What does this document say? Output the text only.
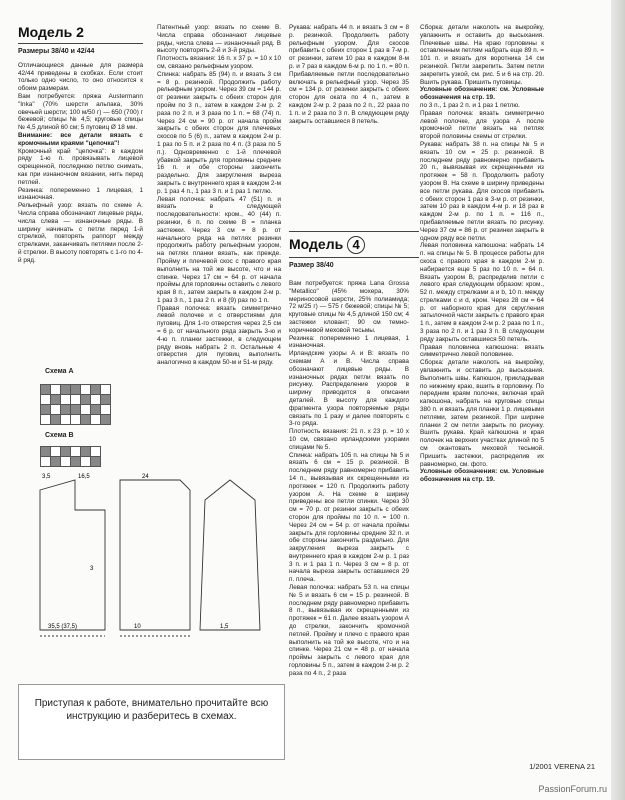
Модель 2
Размеры 38/40 и 42/44

Отличающиеся данные для размера 42/44 приведены в скобках. Если стоит только одно число, то оно относится к обоим размерам.

Вам потребуется: пряжа Austermann "Inka" (70% шерсти альпака, 30% овечьей шерсти; 100 м/50 г) — 650 (700) г бежевой; спицы № 4,5; круговые спицы № 4,5 длиной 60 см; 5 пуговиц Ø 18 мм.

Внимание: все детали вязать с кромочными краями "цепочка"!

Кромочный край "цепочка": в каждом ряду 1-ю п. провязывать лицевой скрещенной, последнюю петлю снимать, как при изнаночном вязании, нить перед петлей.

Резинка: попеременно 1 лицевая, 1 изнаночная.

Рельефный узор: вязать по схеме А. Числа справа обозначают лицевые ряды, числа слева — изнаночные ряды. В ширину начинать с петли перед 1-й стрелкой, повторять раппорт между стрелками, заканчивать петлями после 2-й стрелки. В высоту повторять с 1-го по 4-й ряд.

Схема А

Схема В

3,5	16,5	24
35,5 (37,5)	10	1,5
3

Патентный узор: вязать по схеме В. Числа справа обозначают лицевые ряды, числа слева — изнаночный ряд. В высоту повторять 2-й и 3-й ряды.

Плотность вязания: 16 п. x 37 р. = 10 x 10 см, связано рельефным узором.

Спинка: набрать 85 (94) п. и вязать 3 см = 8 р. резинкой. Продолжить работу рельефным узором. Через 39 см = 144 р. от резинки закрыть с обеих сторон для пройм по 3 п., затем в каждом 2-м р. 2 раза по 2 п. и 3 раза по 1 п. = 68 (74) п. Через 24 см = 90 р. от начала пройм закрыть с обеих сторон для плечевых скосов по 5 (6) п., затем в каждом 2-м р. 1 раз по 5 п. и 2 раза по 4 п. (3 раза по 5 п.). Одновременно с 1-й плечевой убавкой закрыть для горловины средние 16 п. и обе стороны закончить раздельно. Для закругления выреза закрыть с внутреннего края в каждом 2-м р. 1 раз 4 п., 1 раз 3 п. и 1 раз 1 петлю.

Левая полочка: набрать 47 (51) п. и вязать в следующей последовательности: кром., 40 (44) п. резинки, 6 п. по схеме В = планка застежки. Через 3 см = 8 р. от начального ряда на петлях резинки продолжить работу рельефным узором, на петлях планки вязать, как прежде. Пройму и плечевой скос с правого края выполнить на той же высоте, что и на спинке. Через 17 см = 64 р. от начала проймы для горловины оставить с левого края 8 п., затем закрыть в каждом 2-м р. 1 раз 3 п., 1 раз 2 п. и 8 (9) раз по 1 п.

Правая полочка: вязать симметрично левой полочке и с отверстиями для пуговиц. Для 1-го отверстия через 2,5 см = 6 р. от начального ряда закрыть 3-ю и 4-ю п. планки застежки, в следующем ряду вновь набрать 2 п. Остальные 4 отверстия для пуговиц выполнить аналогично в каждом 50-м и 51-м ряду.

Рукава: набрать 44 п. и вязать 3 см = 8 р. резинкой. Продолжить работу рельефным узором. Для скосов прибавить с обеих сторон 1 раз в 7-м р. от резинки, затем 10 раз в каждом 8-м р. и 7 раз в каждом 6-м р. по 1 п. = 80 п. Прибавляемые петли последовательно включать в рельефный узор. Через 35 см = 134 р. от резинки закрыть с обеих сторон для оката по 4 п., затем в каждом 2-м р. 2 раза по 2 п., 22 раза по 1 п. и 2 раза по 3 п. В следующем ряду закрыть оставшиеся 8 петель.

Модель 4
Размер 38/40

Вам потребуется: пряжа Lana Grossa "Metallico" (45% мохера, 30% мериносовой шерсти, 25% полиамида; 72 м/25 г) — 575 г бежевой; спицы № 5; круговые спицы № 4,5 длиной 150 см; 4 застежки кловант; 90 см темно-коричневой меховой тесьмы.

Резинка: попеременно 1 лицевая, 1 изнаночная.

Ирландские узоры А и В: вязать по схемам А и В. Числа справа обозначают лицевые ряды. В изнаночных рядах петли вязать по рисунку. Распределение узоров в ширину приводится в описании деталей. В высоту для каждого фрагмента узора повторяемые ряды связать по 1 разу и далее повторять с 3-го ряда.

Плотность вязания: 21 п. x 23 р. = 10 x 10 см, связано ирландскими узорами спицами № 5.

Спинка: набрать 105 п. на спицы № 5 и вязать 6 см = 15 р. резинкой. В последнем ряду равномерно прибавить 14 п., вывязывая их скрещенными из протяжек = 120 п. Продолжить работу узором А. На схеме в ширину приведены все петли спинки. Через 30 см = 70 р. от резинки закрыть с обеих сторон для проймы по 10 п. = 100 п. Через 24 см = 54 р. от начала проймы закрыть для горловины средние 32 п. и обе стороны закончить раздельно. Для закругления выреза закрыть с внутреннего края в каждом 2-м р. 1 раз 3 п. и 1 раз 1 п. Через 3 см = 8 р. от начала выреза закрыть оставшиеся 29 п. плеча.

Левая полочка: набрать 53 п. на спицы № 5 и вязать 6 см = 15 р. резинкой. В последнем ряду равномерно прибавить 8 п., вывязывая их скрещенными из протяжек = 61 п. Далее вязать узором А до стрелки, закончить кромочной петлей. Пройму и плечо с правого края выполнить на той же высоте, что и на спинке. Через 21 см = 48 р. от начала проймы закрыть с левого края для горловины 5 п., затем в каждом 2-м р. 2 раза по 4 п., 2 раза

Сборка: детали наколоть на выкройку, увлажнить и оставить до высыхания. Плечевые швы. На краю горловины к оставленным петлям набрать еще 89 п. = 101 п. и вязать для воротника 14 см резинкой. Петли закрепить. Затем петли закрепить узкой, см. рис. 5 и 6 на стр. 20. Вшить рукава. Пришить пуговицы.

Условные обозначения: см. Условные обозначения на стр. 19.

по 3 п., 1 раз 2 п. и 1 раз 1 петлю.

Правая полочка: вязать симметрично левой полочке, для узора А после кромочной петли вязать на петлях второй половины схемы от стрелки.

Рукава: набрать 38 п. на спицы № 5 и вязать 10 см = 25 р. резинкой. В последнем ряду равномерно прибавить 20 п., вывязывая их скрещенными из протяжек = 58 п. Продолжить работу узором В. На схеме в ширину приведены все петли рукава. Для скосов прибавить с обеих сторон 1 раз в 3-м р. от резинки, затем 10 раз в каждом 4-м р. и 18 раз в каждом 2-м р. по 1 п. = 116 п., прибавляемые петли вязать по рисунку. Через 37 см = 86 р. от резинки закрыть в одном ряду все петли.

Левая половинка капюшона: набрать 14 п. на спицы № 5. В процессе работы для скоса с правого края в каждом 2-м р. набирается еще 5 раз по 10 п. = 64 п. Вязать узором В, распределив петли с левого края следующим образом: кром., 52 п. между стрелками а и b, 10 п. между стрелками с и d, кром. Через 28 см = 64 р. от наборного края для скругления затылочной части закрыть с правого края 1 п., затем в каждом 2-м р. 2 раза по 1 п., 3 раза по 2 п. и 1 раз 3 п. В следующем ряду закрыть оставшиеся 50 петель.

Правая половинка капюшона: вязать симметрично левой половинке.

Сборка: детали наколоть на выкройку, увлажнить и оставить до высыхания. Выполнить швы. Капюшон, прикладывая по нижнему краю, вшить в горловину. По передним краям полочек, включая край капюшона, набрать на круговые спицы 380 п. и вязать для планки 1 р. лицевыми петлями, затем резинкой. При ширине планки 2 см петли закрыть по рисунку. Вшить рукава. Край капюшона и края полочек на верхних участках длиной по 5 см окантовать меховой тесьмой. Пришить застежки, распределив их равномерно, см. фото.

Условные обозначения: см. Условные обозначения на стр. 19.

Приступая к работе, внимательно прочитайте всю инструкцию и разберитесь в схемах.

1/2001 VERENA 21
PassionForum.ru
